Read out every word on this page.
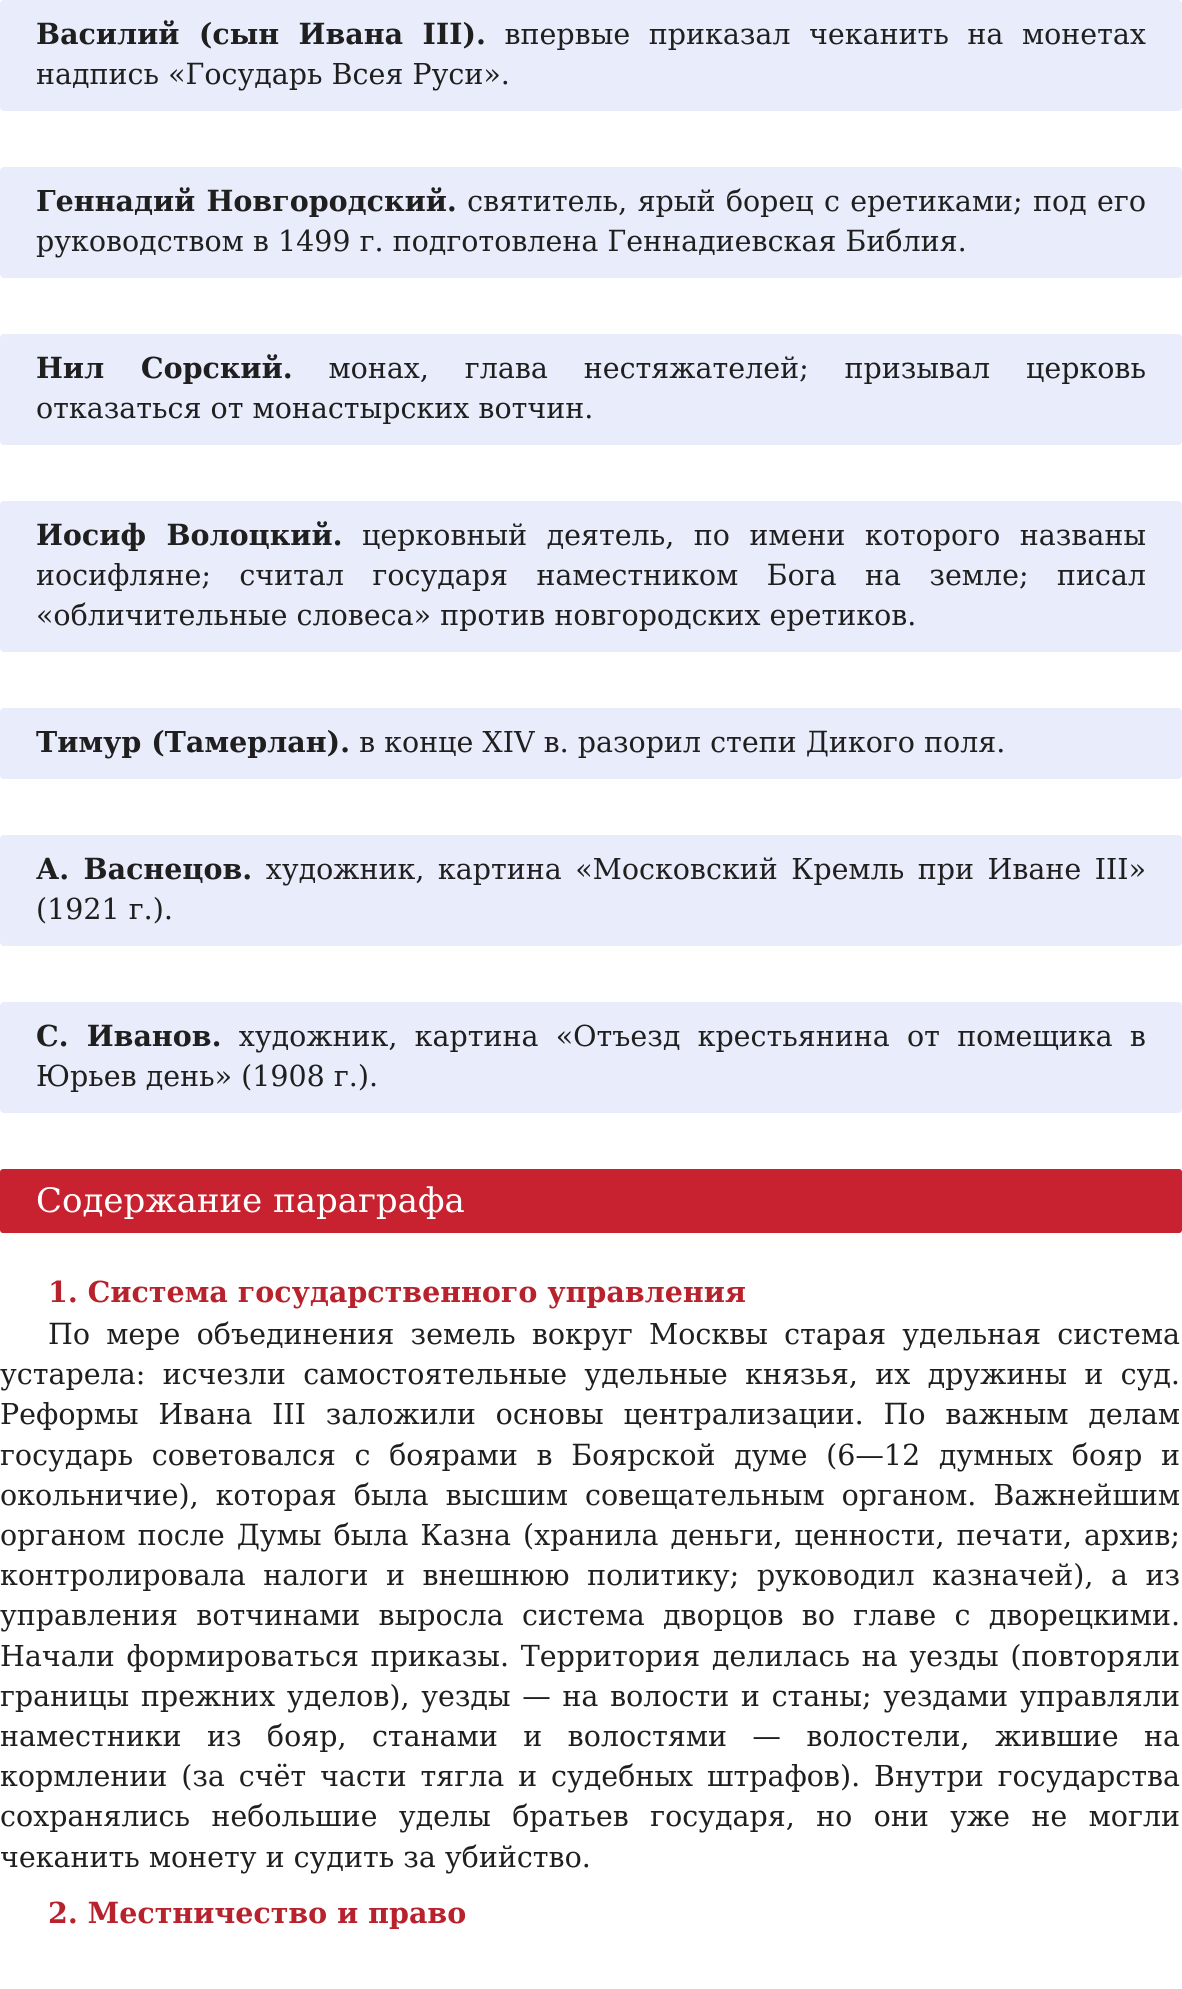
Василий (сын Ивана III). впервые приказал чеканить на монетах надпись «Государь Всея Руси».
Геннадий Новгородский. святитель, ярый борец с еретиками; под его руководством в 1499 г. подготовлена Геннадиевская Библия.
Нил Сорский. монах, глава нестяжателей; призывал церковь отказаться от монастырских вотчин.
Иосиф Волоцкий. церковный деятель, по имени которого названы иосифляне; считал государя наместником Бога на земле; писал «обличительные словеса» против новгородских еретиков.
Тимур (Тамерлан). в конце XIV в. разорил степи Дикого поля.
А. Васнецов. художник, картина «Московский Кремль при Иване III» (1921 г.).
С. Иванов. художник, картина «Отъезд крестьянина от помещика в Юрьев день» (1908 г.).
Содержание параграфа
1. Система государственного управления

По мере объединения земель вокруг Москвы старая удельная система устарела: исчезли самостоятельные удельные князья, их дружины и суд. Реформы Ивана III заложили основы централизации. По важным делам государь советовался с боярами в Боярской думе (6—12 думных бояр и окольничие), которая была высшим совещательным органом. Важнейшим органом после Думы была Казна (хранила деньги, ценности, печати, архив; контролировала налоги и внешнюю политику; руководил казначей), а из управления вотчинами выросла система дворцов во главе с дворецкими. Начали формироваться приказы. Территория делилась на уезды (повторяли границы прежних уделов), уезды — на волости и станы; уездами управляли наместники из бояр, станами и волостями — волостели, жившие на кормлении (за счёт части тягла и судебных штрафов). Внутри государства сохранялись небольшие уделы братьев государя, но они уже не могли чеканить монету и судить за убийство.

2. Местничество и право
